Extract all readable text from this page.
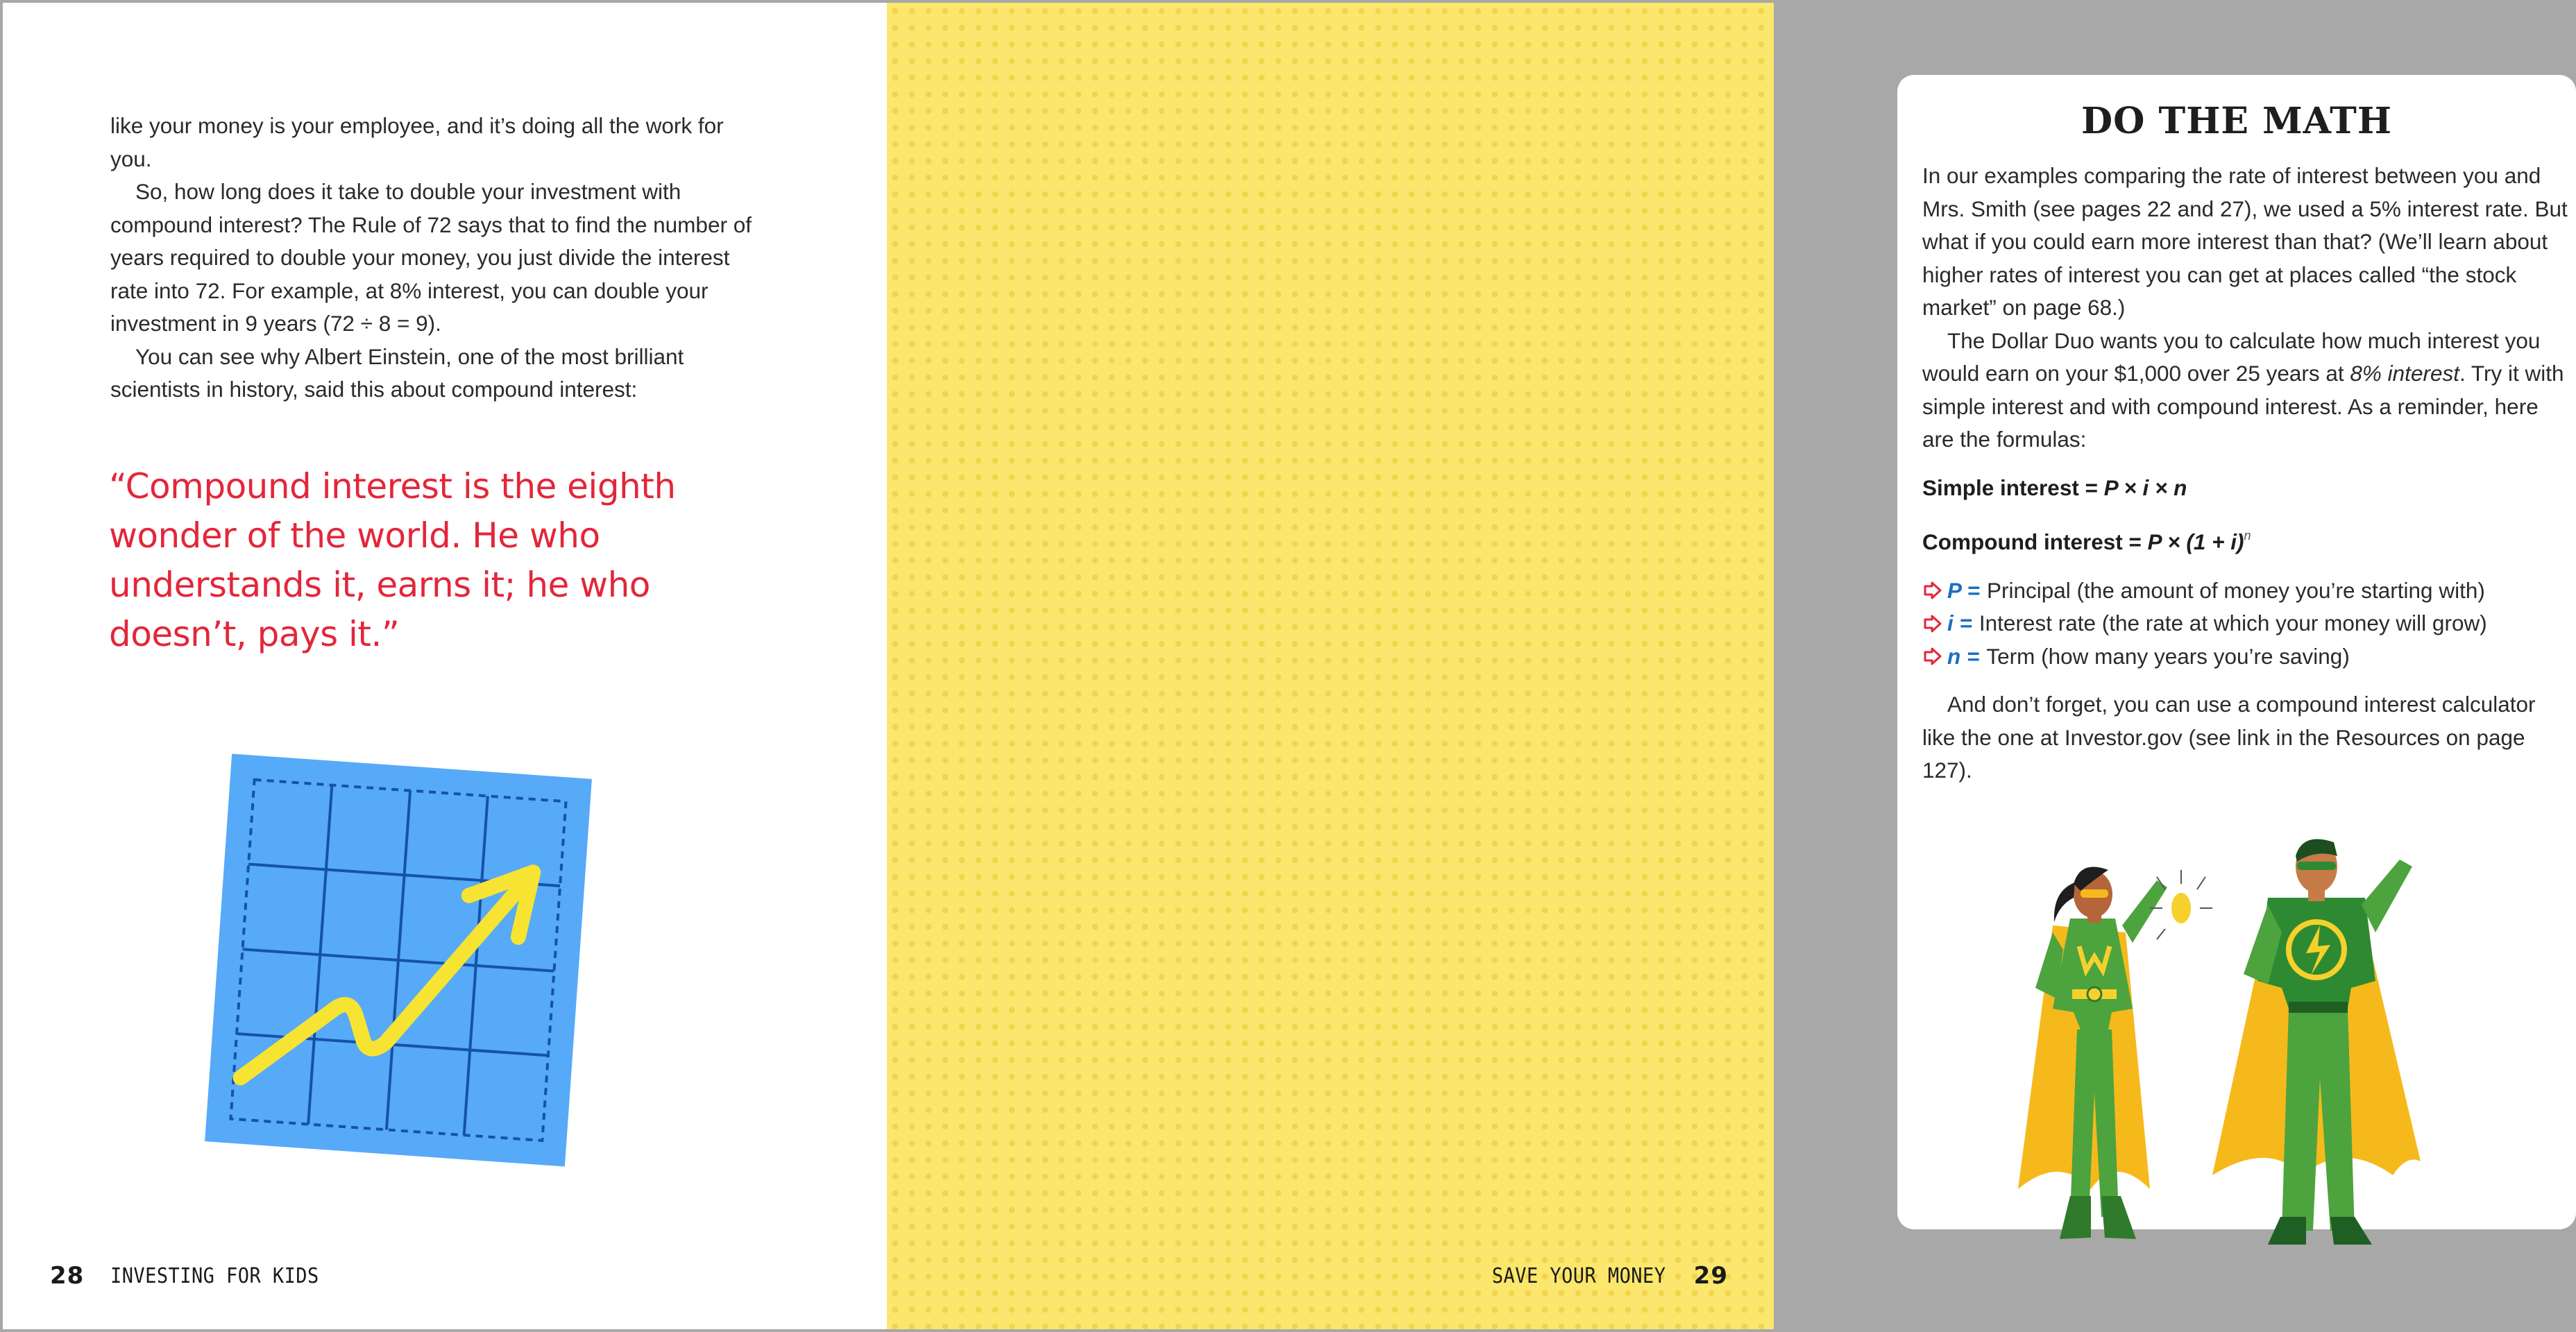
like your money is your employee, and it’s doing all the work for you.

So, how long does it take to double your investment with compound interest? The Rule of 72 says that to find the number of years required to double your money, you just divide the interest rate into 72. For example, at 8% interest, you can double your investment in 9 years (72 ÷ 8 = 9).

You can see why Albert Einstein, one of the most brilliant scientists in history, said this about compound interest:

“Compound interest is the eighth wonder of the world. He who understands it, earns it; he who doesn’t, pays it.”
28 INVESTING FOR KIDS
DO THE MATH

In our examples comparing the rate of interest between you and Mrs. Smith (see pages 22 and 27), we used a 5% interest rate. But what if you could earn more interest than that? (We’ll learn about higher rates of interest you can get at places called “the stock market” on page 68.)

The Dollar Duo wants you to calculate how much interest you would earn on your $1,000 over 25 years at 8% interest. Try it with simple interest and with compound interest. As a reminder, here are the formulas:

Simple interest = P × i × n

Compound interest = $P \times (1 + i)^n$

P = Principal (the amount of money you’re starting with)
i = Interest rate (the rate at which your money will grow)
n = Term (how many years you’re saving)

And don’t forget, you can use a compound interest calculator like the one at Investor.gov (see link in the Resources on page 127).

SAVE YOUR MONEY 29
